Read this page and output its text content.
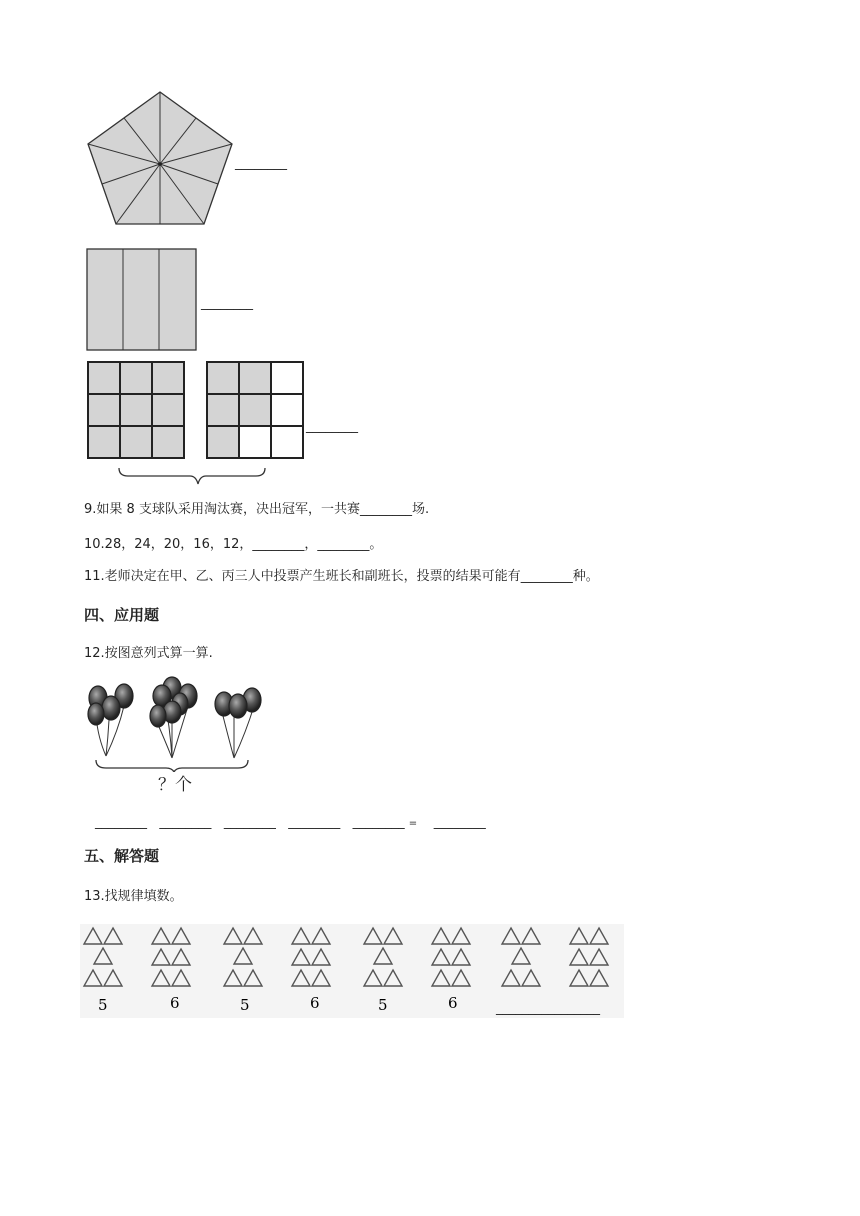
________
________
________
9.如果 8 支球队采用淘汰赛，决出冠军，一共赛________场.
10.28，24，20，16，12，________，________。
11.老师决定在甲、乙、丙三人中投票产生班长和副班长，投票的结果可能有________种。
四、应用题
12.按图意列式算一算.
？个
________ ________ ________ ________ ________ = ________
五、解答题
13.找规律填数。
5	6	5	6	5	6	________________
